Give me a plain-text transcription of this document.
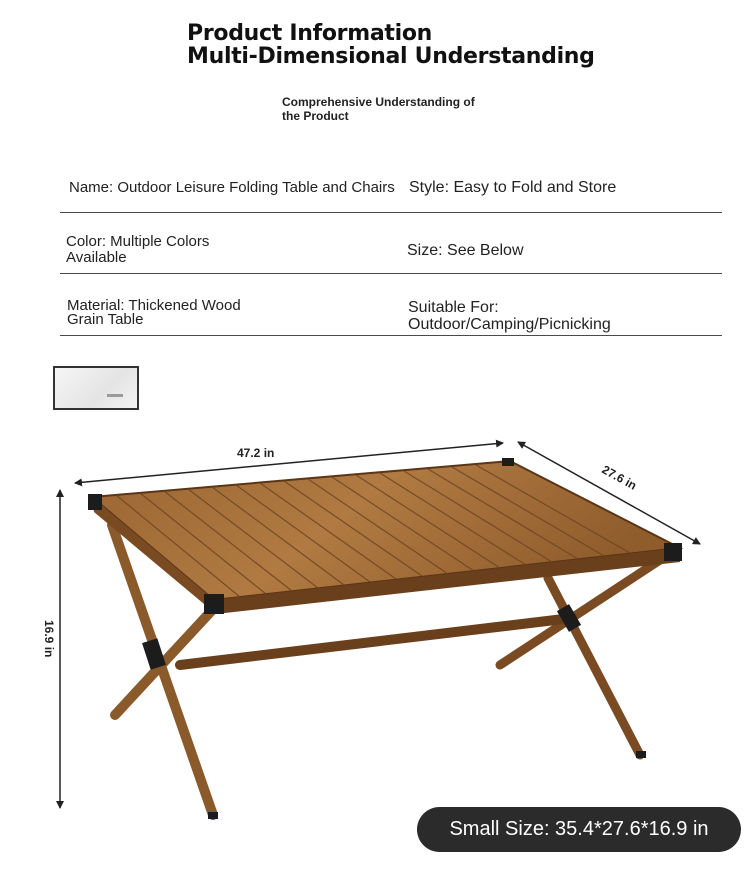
Product Information
Multi-Dimensional Understanding
Comprehensive Understanding of the Product
Name: Outdoor Leisure Folding Table and Chairs Style: Easy to Fold and Store
Color: Multiple Colors Available	Size: See Below
Material: Thickened Wood Grain Table
Suitable For:
Outdoor/Camping/Picnicking
47.2 in
27.6 in
16.9 in
Small Size: 35.4*27.6*16.9 in
